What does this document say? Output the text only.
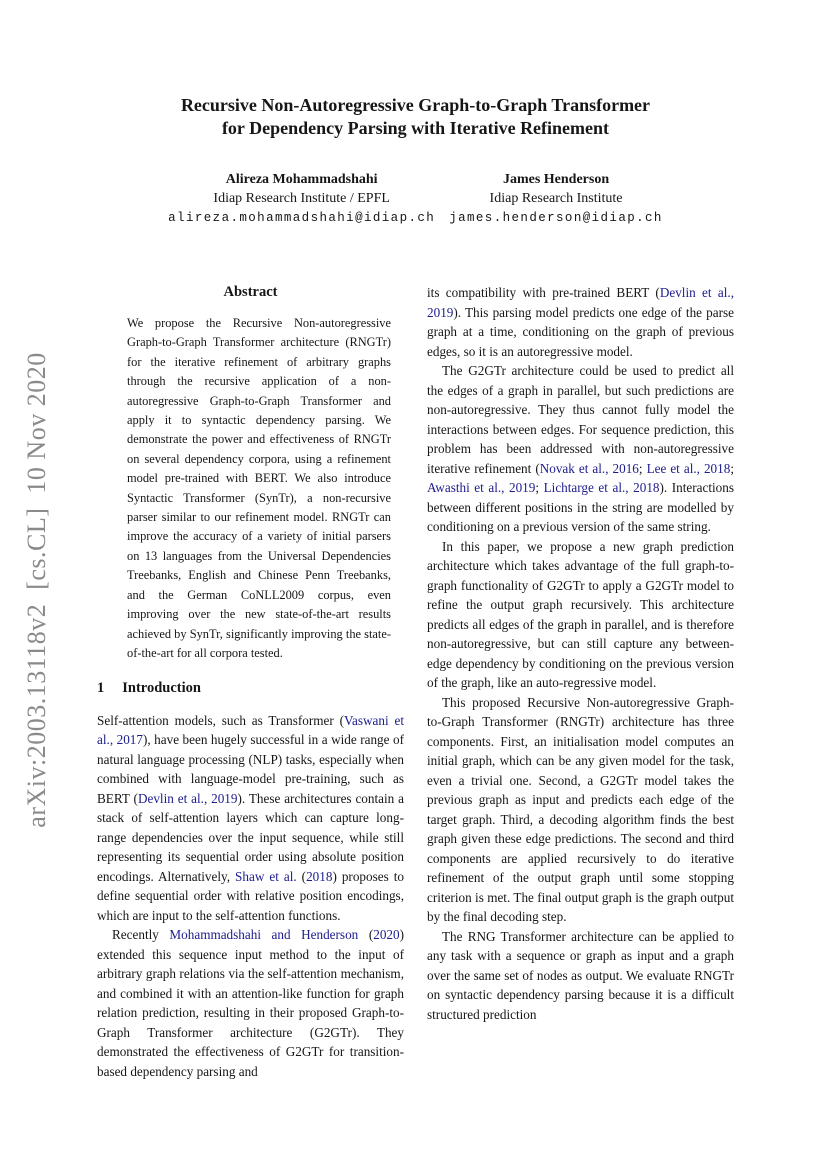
arXiv:2003.13118v2  [cs.CL]  10 Nov 2020
Recursive Non-Autoregressive Graph-to-Graph Transformer
for Dependency Parsing with Iterative Refinement
Alireza Mohammadshahi
Idiap Research Institute / EPFL
alireza.mohammadshahi@idiap.ch
James Henderson
Idiap Research Institute
james.henderson@idiap.ch
Abstract
We propose the Recursive Non-autoregressive Graph-to-Graph Transformer architecture (RNGTr) for the iterative refinement of arbitrary graphs through the recursive application of a non-autoregressive Graph-to-Graph Transformer and apply it to syntactic dependency parsing. We demonstrate the power and effectiveness of RNGTr on several dependency corpora, using a refinement model pre-trained with BERT. We also introduce Syntactic Transformer (SynTr), a non-recursive parser similar to our refinement model. RNGTr can improve the accuracy of a variety of initial parsers on 13 languages from the Universal Dependencies Treebanks, English and Chinese Penn Treebanks, and the German CoNLL2009 corpus, even improving over the new state-of-the-art results achieved by SynTr, significantly improving the state-of-the-art for all corpora tested.
1 Introduction

Self-attention models, such as Transformer (Vaswani et al., 2017), have been hugely successful in a wide range of natural language processing (NLP) tasks, especially when combined with language-model pre-training, such as BERT (Devlin et al., 2019). These architectures contain a stack of self-attention layers which can capture long-range dependencies over the input sequence, while still representing its sequential order using absolute position encodings. Alternatively, Shaw et al. (2018) proposes to define sequential order with relative position encodings, which are input to the self-attention functions.

Recently Mohammadshahi and Henderson (2020) extended this sequence input method to the input of arbitrary graph relations via the self-attention mechanism, and combined it with an attention-like function for graph relation prediction, resulting in their proposed Graph-to-Graph Transformer architecture (G2GTr). They demonstrated the effectiveness of G2GTr for transition-based dependency parsing and

its compatibility with pre-trained BERT (Devlin et al., 2019). This parsing model predicts one edge of the parse graph at a time, conditioning on the graph of previous edges, so it is an autoregressive model.

The G2GTr architecture could be used to predict all the edges of a graph in parallel, but such predictions are non-autoregressive. They thus cannot fully model the interactions between edges. For sequence prediction, this problem has been addressed with non-autoregressive iterative refinement (Novak et al., 2016; Lee et al., 2018; Awasthi et al., 2019; Lichtarge et al., 2018). Interactions between different positions in the string are modelled by conditioning on a previous version of the same string.

In this paper, we propose a new graph prediction architecture which takes advantage of the full graph-to-graph functionality of G2GTr to apply a G2GTr model to refine the output graph recursively. This architecture predicts all edges of the graph in parallel, and is therefore non-autoregressive, but can still capture any between-edge dependency by conditioning on the previous version of the graph, like an auto-regressive model.

This proposed Recursive Non-autoregressive Graph-to-Graph Transformer (RNGTr) architecture has three components. First, an initialisation model computes an initial graph, which can be any given model for the task, even a trivial one. Second, a G2GTr model takes the previous graph as input and predicts each edge of the target graph. Third, a decoding algorithm finds the best graph given these edge predictions. The second and third components are applied recursively to do iterative refinement of the output graph until some stopping criterion is met. The final output graph is the graph output by the final decoding step.

The RNG Transformer architecture can be applied to any task with a sequence or graph as input and a graph over the same set of nodes as output. We evaluate RNGTr on syntactic dependency parsing because it is a difficult structured prediction
